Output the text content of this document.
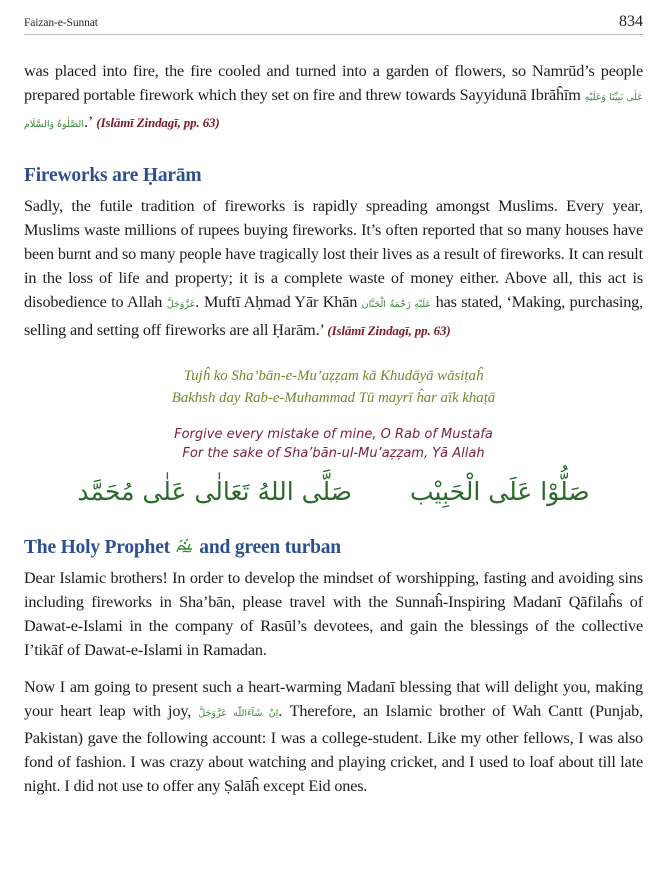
Faizan-e-Sunnat	834

was placed into fire, the fire cooled and turned into a garden of flowers, so Namrūd’s people prepared portable firework which they set on fire and threw towards Sayyidunā Ibrāĥīm عَلٰی نَبِیِّنَا وَعَلَیْهِ الصَّلٰوةُ وَالسَّلَام.’ (Islāmī Zindagī, pp. 63)

Fireworks are Ḥarām

Sadly, the futile tradition of fireworks is rapidly spreading amongst Muslims. Every year, Muslims waste millions of rupees buying fireworks. It’s often reported that so many houses have been burnt and so many people have tragically lost their lives as a result of fireworks. It can result in the loss of life and property; it is a complete waste of money either. Above all, this act is disobedience to Allah عَزَّوَجَلَّ. Muftī Aḥmad Yār Khān عَلَيْهِ رَحْمَةُ الْحَنَّان has stated, ‘Making, purchasing, selling and setting off fireworks are all Ḥarām.’ (Islāmī Zindagī, pp. 63)

Tujĥ ko Sha’bān-e-Mu’aẓẓam kā Khudāyā wāsiṭaĥ
Bakhsh day Rab-e-Muhammad Tū mayrī ĥar aīk khaṭā
Forgive every mistake of mine, O Rab of Mustafa
For the sake of Sha’bān-ul-Mu’aẓẓam, Yā Allah
صَلُّوْا عَلَى الْحَبِيْب
صَلَّى اللهُ تَعَالٰى عَلٰى مُحَمَّد
The Holy Prophet  and green turban

Dear Islamic brothers! In order to develop the mindset of worshipping, fasting and avoiding sins including fireworks in Sha’bān, please travel with the Sunnaĥ-Inspiring Madanī Qāfilaĥs of Dawat-e-Islami in the company of Rasūl’s devotees, and gain the blessings of the collective I’tikāf of Dawat-e-Islami in Ramadan.

Now I am going to present such a heart-warming Madanī blessing that will delight you, making your heart leap with joy, اِنْ شَآءَاللّٰه عَزَّوَجَلَّ. Therefore, an Islamic brother of Wah Cantt (Punjab, Pakistan) gave the following account: I was a college-student. Like my other fellows, I was also fond of fashion. I was crazy about watching and playing cricket, and I used to loaf about till late night. I did not use to offer any Ṣalāĥ except Eid ones.
